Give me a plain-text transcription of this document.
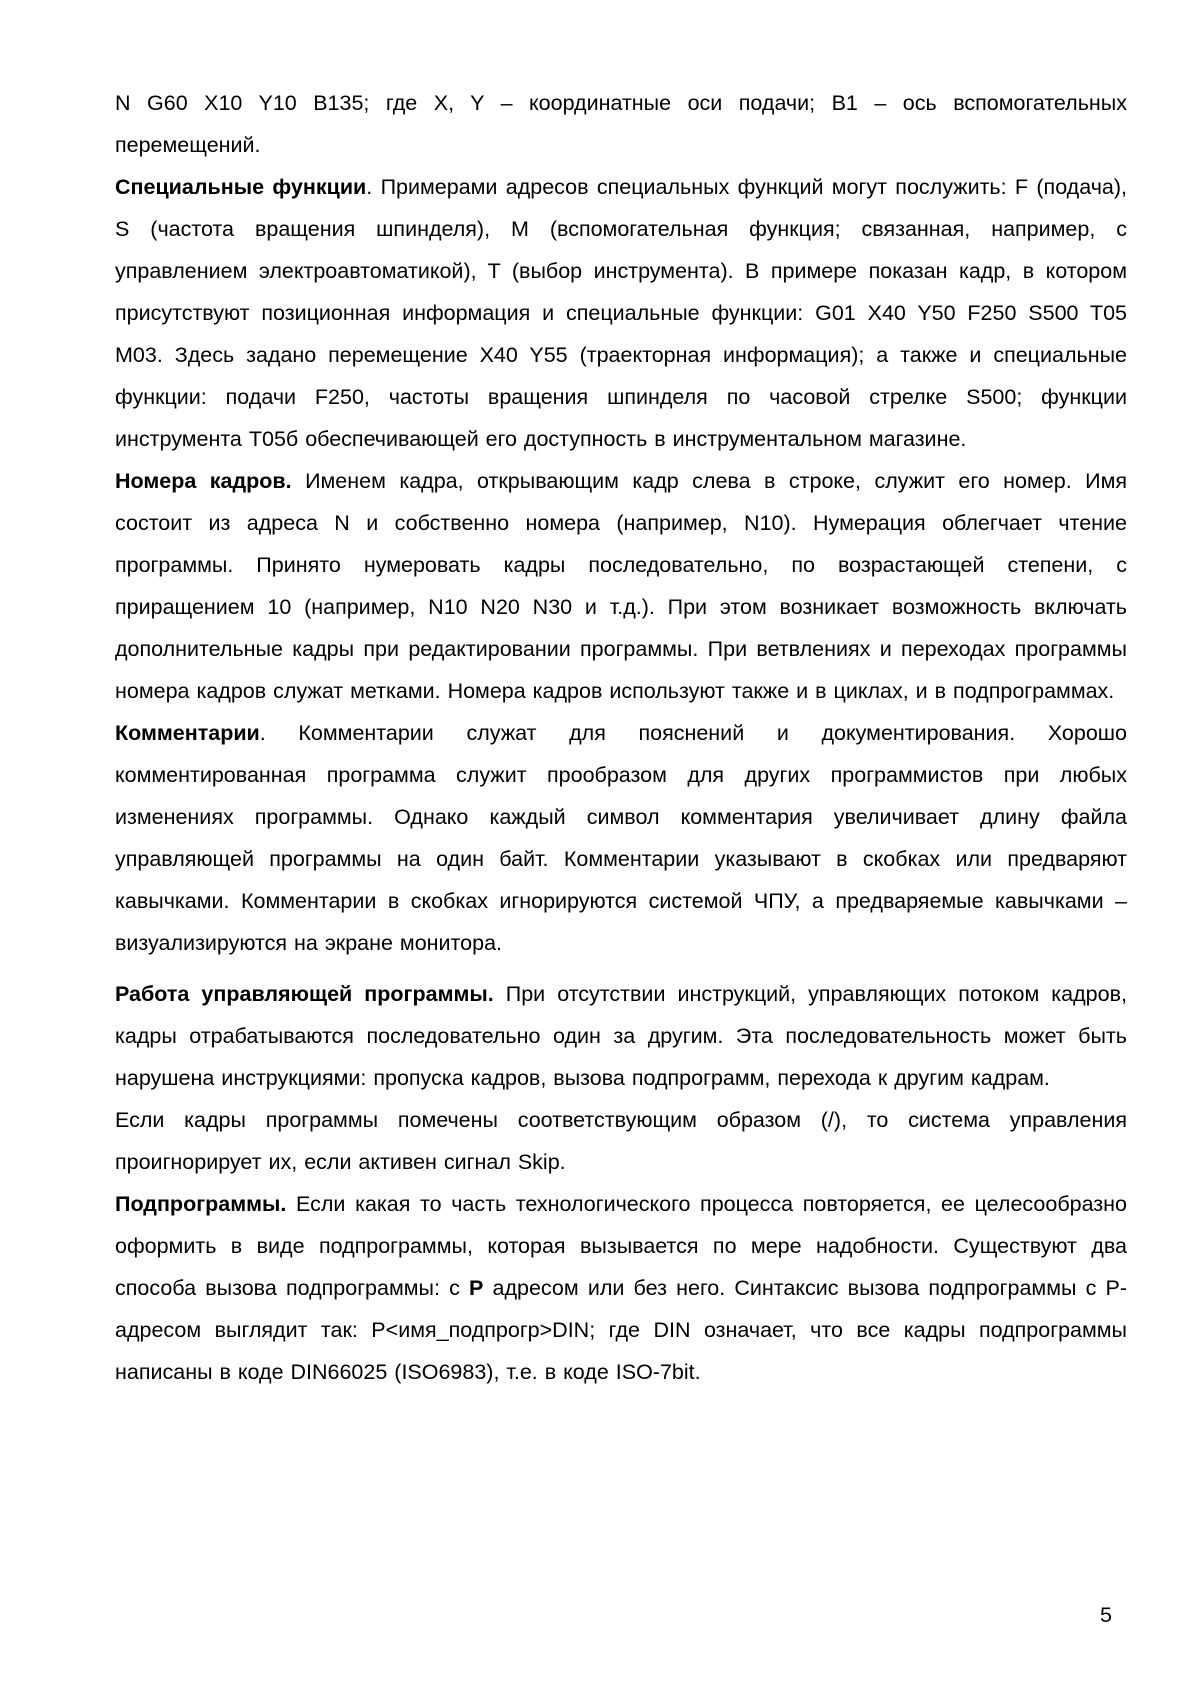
N G60 X10 Y10 B135; где X, Y – координатные оси подачи; B1 – ось вспомогательных перемещений.

Специальные функции. Примерами адресов специальных функций могут послужить: F (подача), S (частота вращения шпинделя), M (вспомогательная функция; связанная, например, с управлением электроавтоматикой), T (выбор инструмента). В примере показан кадр, в котором присутствуют позиционная информация и специальные функции: G01 X40 Y50 F250 S500 T05 M03. Здесь задано перемещение X40 Y55 (траекторная информация); а также и специальные функции: подачи F250, частоты вращения шпинделя по часовой стрелке S500; функции инструмента Т05б обеспечивающей его доступность в инструментальном магазине.

Номера кадров. Именем кадра, открывающим кадр слева в строке, служит его номер. Имя состоит из адреса N и собственно номера (например, N10). Нумерация облегчает чтение программы. Принято нумеровать кадры последовательно, по возрастающей степени, с приращением 10 (например, N10 N20 N30 и т.д.). При этом возникает возможность включать дополнительные кадры при редактировании программы. При ветвлениях и переходах программы номера кадров служат метками. Номера кадров используют также и в циклах, и в подпрограммах.

Комментарии. Комментарии служат для пояснений и документирования. Хорошо комментированная программа служит прообразом для других программистов при любых изменениях программы. Однако каждый символ комментария увеличивает длину файла управляющей программы на один байт. Комментарии указывают в скобках или предваряют кавычками. Комментарии в скобках игнорируются системой ЧПУ, а предваряемые кавычками – визуализируются на экране монитора.

Работа управляющей программы. При отсутствии инструкций, управляющих потоком кадров, кадры отрабатываются последовательно один за другим. Эта последовательность может быть нарушена инструкциями: пропуска кадров, вызова подпрограмм, перехода к другим кадрам.

Если кадры программы помечены соответствующим образом (/), то система управления проигнорирует их, если активен сигнал Skip.

Подпрограммы. Если какая то часть технологического процесса повторяется, ее целесообразно оформить в виде подпрограммы, которая вызывается по мере надобности. Существуют два способа вызова подпрограммы: с Р адресом или без него. Синтаксис вызова подпрограммы с Р-адресом выглядит так: Р<имя_подпрогр>DIN; где DIN означает, что все кадры подпрограммы написаны в коде DIN66025 (ISO6983), т.е. в коде ISO-7bit.

5
